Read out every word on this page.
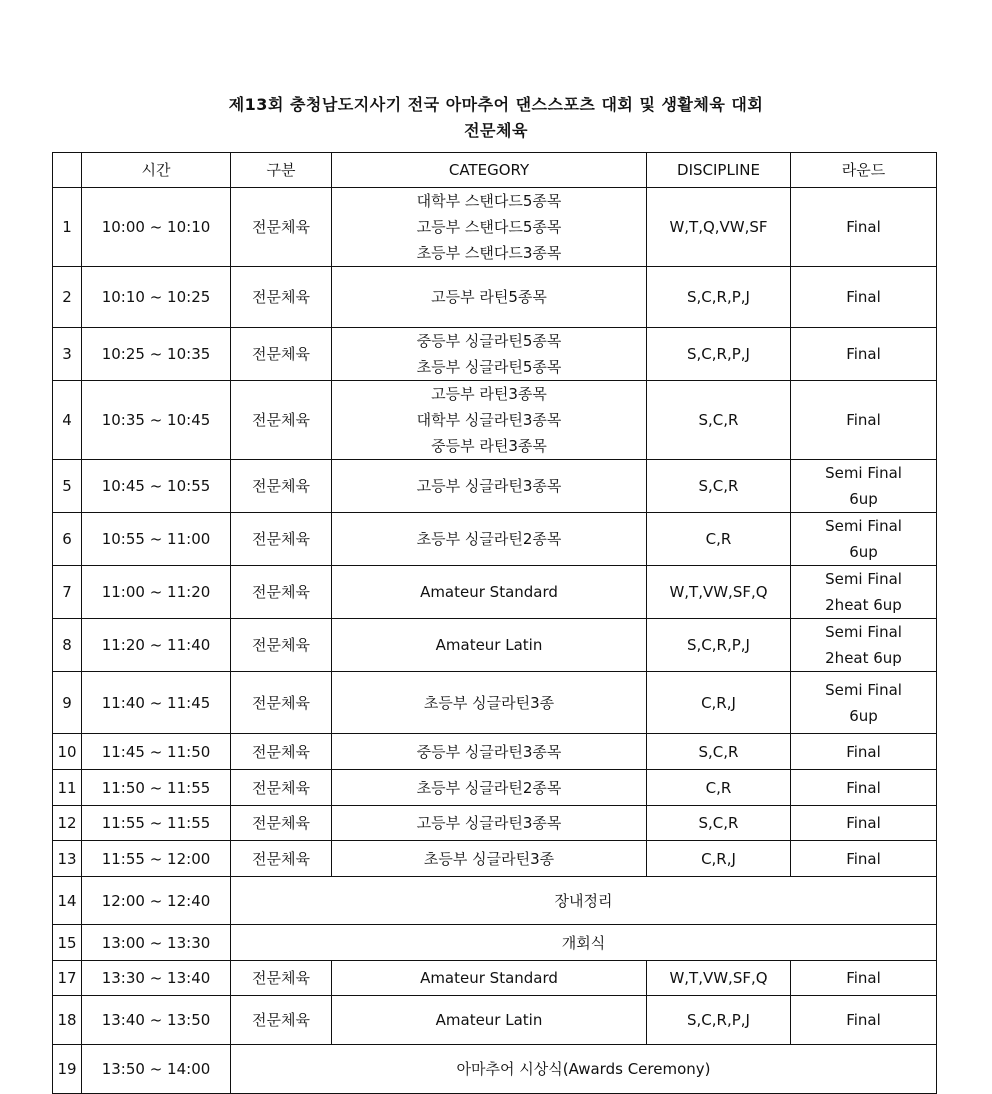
제13회 충청남도지사기 전국 아마추어 댄스스포츠 대회 및 생활체육 대회
전문체육
	시간	구분	CATEGORY	DISCIPLINE	라운드
1	10:00 ~ 10:10	전문체육	대학부 스탠다드5종목
고등부 스탠다드5종목
초등부 스탠다드3종목	W,T,Q,VW,SF	Final

2	10:10 ~ 10:25	전문체육	고등부 라틴5종목	S,C,R,P,J	Final

3	10:25 ~ 10:35	전문체육	중등부 싱글라틴5종목
초등부 싱글라틴5종목	S,C,R,P,J	Final

4	10:35 ~ 10:45	전문체육	고등부 라틴3종목
대학부 싱글라틴3종목
중등부 라틴3종목	S,C,R	Final

5	10:45 ~ 10:55	전문체육	고등부 싱글라틴3종목	S,C,R	Semi Final
6up

6	10:55 ~ 11:00	전문체육	초등부 싱글라틴2종목	C,R	Semi Final
6up

7	11:00 ~ 11:20	전문체육	Amateur Standard	W,T,VW,SF,Q	Semi Final
2heat 6up

8	11:20 ~ 11:40	전문체육	Amateur Latin	S,C,R,P,J	Semi Final
2heat 6up

9	11:40 ~ 11:45	전문체육	초등부 싱글라틴3종	C,R,J	Semi Final
6up

10	11:45 ~ 11:50	전문체육	중등부 싱글라틴3종목	S,C,R	Final

11	11:50 ~ 11:55	전문체육	초등부 싱글라틴2종목	C,R	Final

12	11:55 ~ 11:55	전문체육	고등부 싱글라틴3종목	S,C,R	Final

13	11:55 ~ 12:00	전문체육	초등부 싱글라틴3종	C,R,J	Final

14	12:00 ~ 12:40	장내정리			
15	13:00 ~ 13:30	개회식			
17	13:30 ~ 13:40	전문체육	Amateur Standard	W,T,VW,SF,Q	Final

18	13:40 ~ 13:50	전문체육	Amateur Latin	S,C,R,P,J	Final

19	13:50 ~ 14:00	아마추어 시상식(Awards Ceremony)			
